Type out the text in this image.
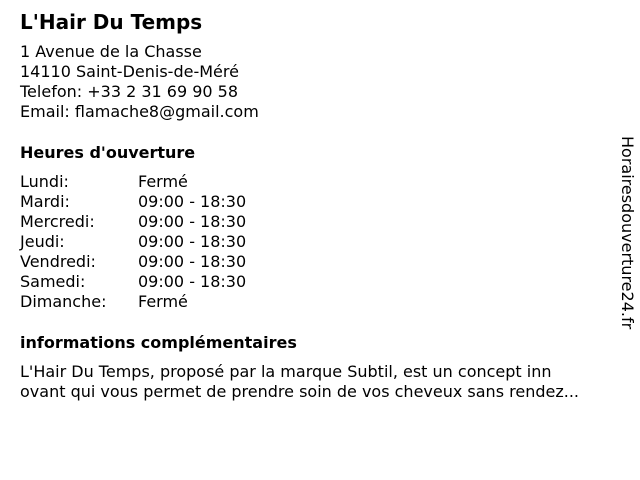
L'Hair Du Temps
1 Avenue de la Chasse
14110 Saint-Denis-de-Méré
Telefon: +33 2 31 69 90 58
Email: flamache8@gmail.com
Heures d'ouverture
Lundi:	Fermé
Mardi:	09:00 - 18:30
Mercredi:	09:00 - 18:30
Jeudi:	09:00 - 18:30
Vendredi:	09:00 - 18:30
Samedi:	09:00 - 18:30
Dimanche:	Fermé
informations complémentaires
L'Hair Du Temps, proposé par la marque Subtil, est un concept inn
ovant qui vous permet de prendre soin de vos cheveux sans rendez...
Horairesdouverture24.fr
